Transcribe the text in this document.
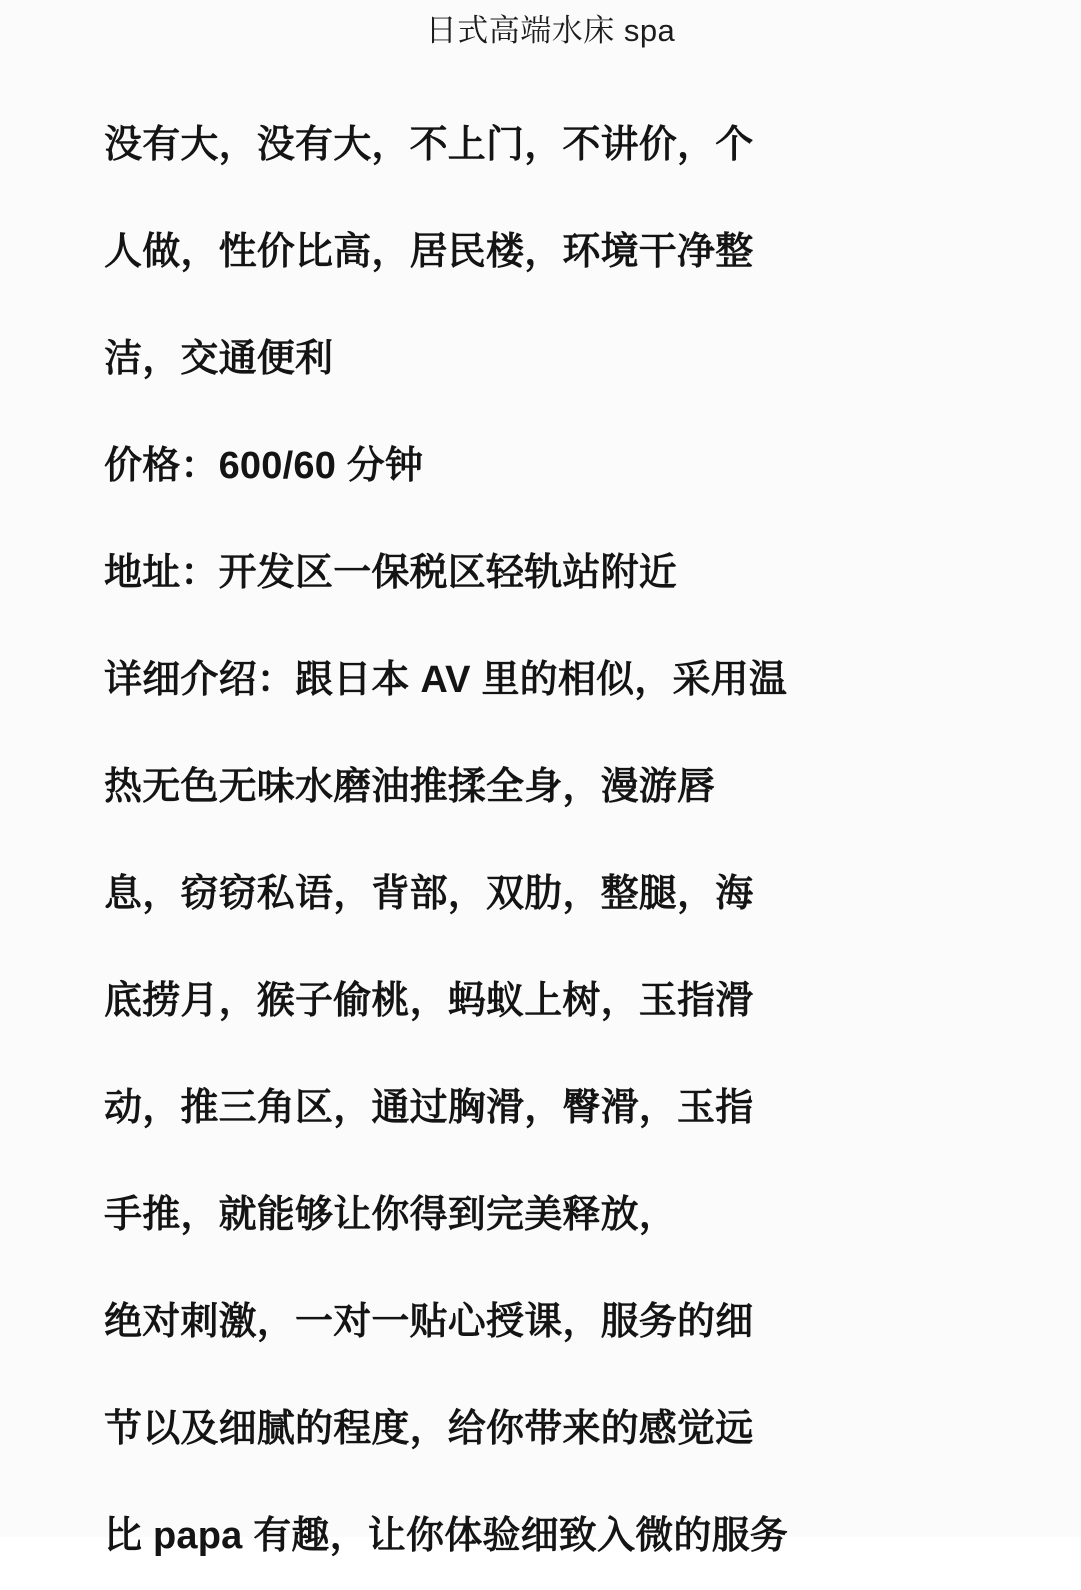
日式高端水床 spa
没有大，没有大，不上门，不讲价，个
人做，性价比高，居民楼，环境干净整
洁，交通便利
价格：600/60 分钟
地址：开发区一保税区轻轨站附近
详细介绍：跟日本 AV 里的相似，采用温
热无色无味水磨油推揉全身，漫游唇
息，窃窃私语，背部，双肋，整腿，海
底捞月，猴子偷桃，蚂蚁上树，玉指滑
动，推三角区，通过胸滑，臀滑，玉指
手推，就能够让你得到完美释放，
绝对刺激，一对一贴心授课，服务的细
节以及细腻的程度，给你带来的感觉远
比 papa 有趣，让你体验细致入微的服务
